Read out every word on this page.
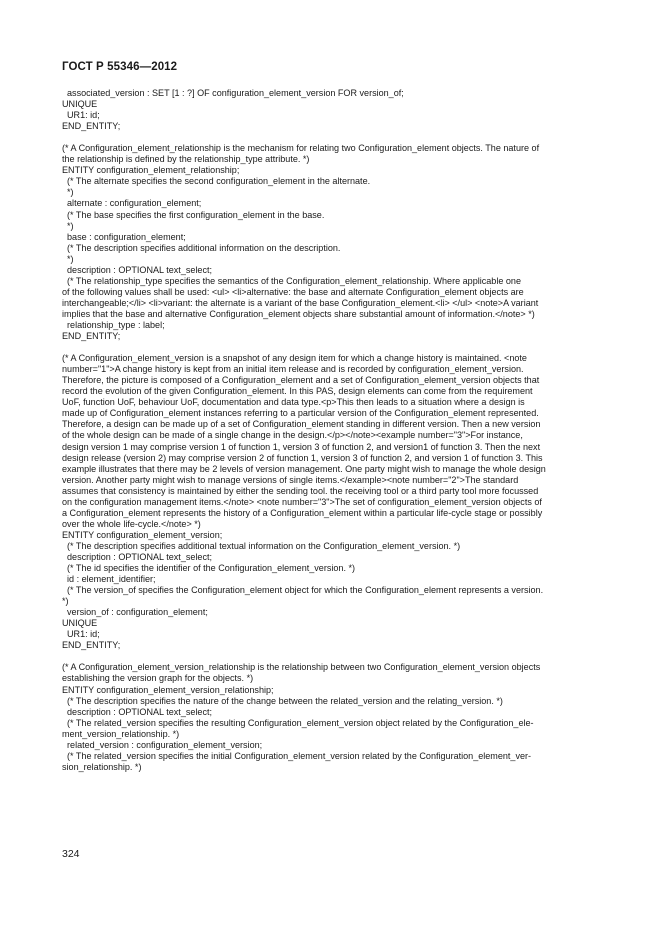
ГОСТ Р 55346—2012
associated_version : SET [1 : ?] OF configuration_element_version FOR version_of;
UNIQUE
UR1: id;
END_ENTITY;
(* A Configuration_element_relationship is the mechanism for relating two Configuration_element objects. The nature of
the relationship is defined by the relationship_type attribute. *)
ENTITY configuration_element_relationship;
(* The alternate specifies the second configuration_element in the alternate.
*)
alternate : configuration_element;
(* The base specifies the first configuration_element in the base.
*)
base : configuration_element;
(* The description specifies additional information on the description.
*)
description : OPTIONAL text_select;
(* The relationship_type specifies the semantics of the Configuration_element_relationship. Where applicable one
of the following values shall be used: <ul> <li>alternative: the base and alternate Configuration_element objects are
interchangeable;</li> <li>variant: the alternate is a variant of the base Configuration_element.<li> </ul> <note>A variant
implies that the base and alternative Configuration_element objects share substantial amount of information.</note> *)
relationship_type : label;
END_ENTITY;
(* A Configuration_element_version is a snapshot of any design item for which a change history is maintained. <note
number="1">A change history is kept from an initial item release and is recorded by configuration_element_version.
Therefore, the picture is composed of a Configuration_element and a set of Configuration_element_version objects that
record the evolution of the given Configuration_element. In this PAS, design elements can come from the requirement
UoF, function UoF, behaviour UoF, documentation and data type.<p>This then leads to a situation where a design is
made up of Configuration_element instances referring to a particular version of the Configuration_element represented.
Therefore, a design can be made up of a set of Configuration_element standing in different version. Then a new version
of the whole design can be made of a single change in the design.</p></note><example number="3">For instance,
design version 1 may comprise version 1 of function 1, version 3 of function 2, and version1 of function 3. Then the next
design release (version 2) may comprise version 2 of function 1, version 3 of function 2, and version 1 of function 3. This
example illustrates that there may be 2 levels of version management. One party might wish to manage the whole design
version. Another party might wish to manage versions of single items.</example><note number="2">The standard
assumes that consistency is maintained by either the sending tool. the receiving tool or a third party tool more focussed
on the configuration management items.</note> <note number="3">The set of configuration_element_version objects of
a Configuration_element represents the history of a Configuration_element within a particular life-cycle stage or possibly
over the whole life-cycle.</note> *)
ENTITY configuration_element_version;
(* The description specifies additional textual information on the Configuration_element_version. *)
description : OPTIONAL text_select;
(* The id specifies the identifier of the Configuration_element_version. *)
id : element_identifier;
(* The version_of specifies the Configuration_element object for which the Configuration_element represents a version.
*)
version_of : configuration_element;
UNIQUE
UR1: id;
END_ENTITY;
(* A Configuration_element_version_relationship is the relationship between two Configuration_element_version objects
establishing the version graph for the objects. *)
ENTITY configuration_element_version_relationship;
(* The description specifies the nature of the change between the related_version and the relating_version. *)
description : OPTIONAL text_select;
(* The related_version specifies the resulting Configuration_element_version object related by the Configuration_ele-
ment_version_relationship. *)
related_version : configuration_element_version;
(* The related_version specifies the initial Configuration_element_version related by the Configuration_element_ver-
sion_relationship. *)
324
